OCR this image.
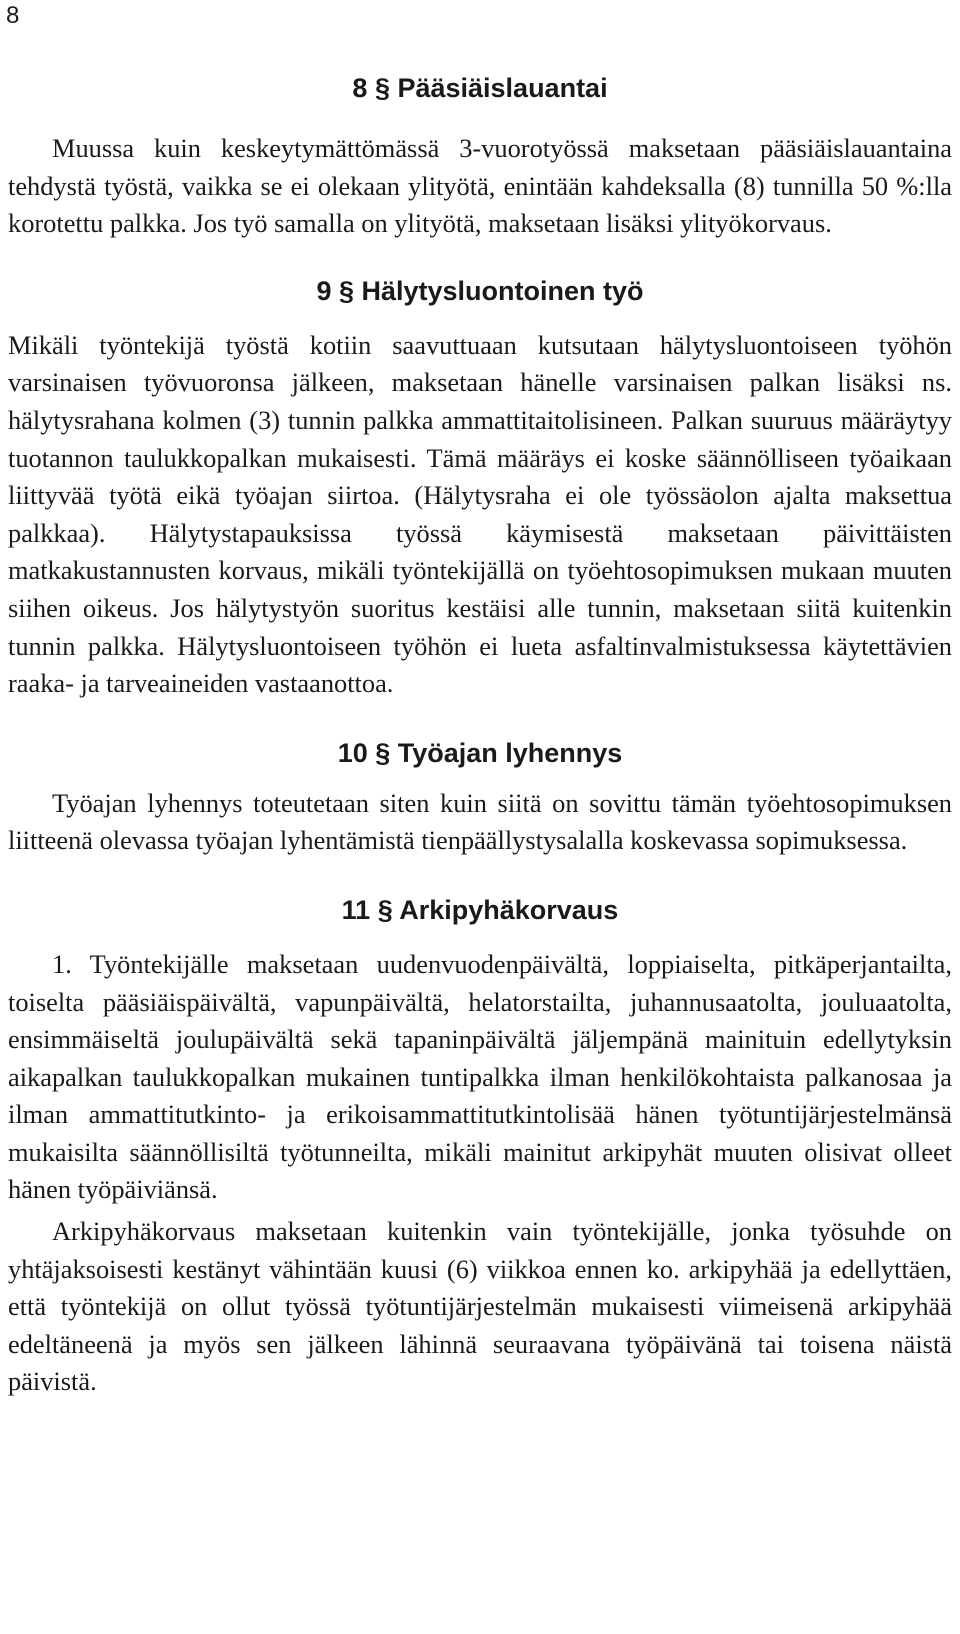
8
8 § Pääsiäislauantai

Muussa kuin keskeytymättömässä 3-vuorotyössä maksetaan pääsiäislauantaina tehdystä työstä, vaikka se ei olekaan ylityötä, enintään kahdeksalla (8) tunnilla 50 %:lla korotettu palkka. Jos työ samalla on ylityötä, maksetaan lisäksi ylityökorvaus.

9 § Hälytysluontoinen työ

Mikäli työntekijä työstä kotiin saavuttuaan kutsutaan hälytysluontoiseen työhön varsinaisen työvuoronsa jälkeen, maksetaan hänelle varsinaisen palkan lisäksi ns. hälytysrahana kolmen (3) tunnin palkka ammattitaitolisineen. Palkan suuruus määräytyy tuotannon taulukkopalkan mukaisesti. Tämä määräys ei koske säännölliseen työaikaan liittyvää työtä eikä työajan siirtoa. (Hälytysraha ei ole työssäolon ajalta maksettua palkkaa). Hälytystapauksissa työssä käymisestä maksetaan päivittäisten matkakustannusten korvaus, mikäli työntekijällä on työehtosopimuksen mukaan muuten siihen oikeus. Jos hälytystyön suoritus kestäisi alle tunnin, maksetaan siitä kuitenkin tunnin palkka. Hälytysluontoiseen työhön ei lueta asfaltinvalmistuksessa käytettävien raaka- ja tarveaineiden vastaanottoa.

10 § Työajan lyhennys

Työajan lyhennys toteutetaan siten kuin siitä on sovittu tämän työehtosopimuksen liitteenä olevassa työajan lyhentämistä tienpäällystysalalla koskevassa sopimuksessa.

11 § Arkipyhäkorvaus

1. Työntekijälle maksetaan uudenvuodenpäivältä, loppiaiselta, pitkäperjantailta, toiselta pääsiäispäivältä, vapunpäivältä, helatorstailta, juhannusaatolta, jouluaatolta, ensimmäiseltä joulupäivältä sekä tapaninpäivältä jäljempänä mainituin edellytyksin aikapalkan taulukkopalkan mukainen tuntipalkka ilman henkilökohtaista palkanosaa ja ilman ammattitutkinto- ja erikoisammattitutkintolisää hänen työtuntijärjestelmänsä mukaisilta säännöllisiltä työtunneilta, mikäli mainitut arkipyhät muuten olisivat olleet hänen työpäiviänsä.

Arkipyhäkorvaus maksetaan kuitenkin vain työntekijälle, jonka työsuhde on yhtäjaksoisesti kestänyt vähintään kuusi (6) viikkoa ennen ko. arkipyhää ja edellyttäen, että työntekijä on ollut työssä työtuntijärjestelmän mukaisesti viimeisenä arkipyhää edeltäneenä ja myös sen jälkeen lähinnä seuraavana työpäivänä tai toisena näistä päivistä.
